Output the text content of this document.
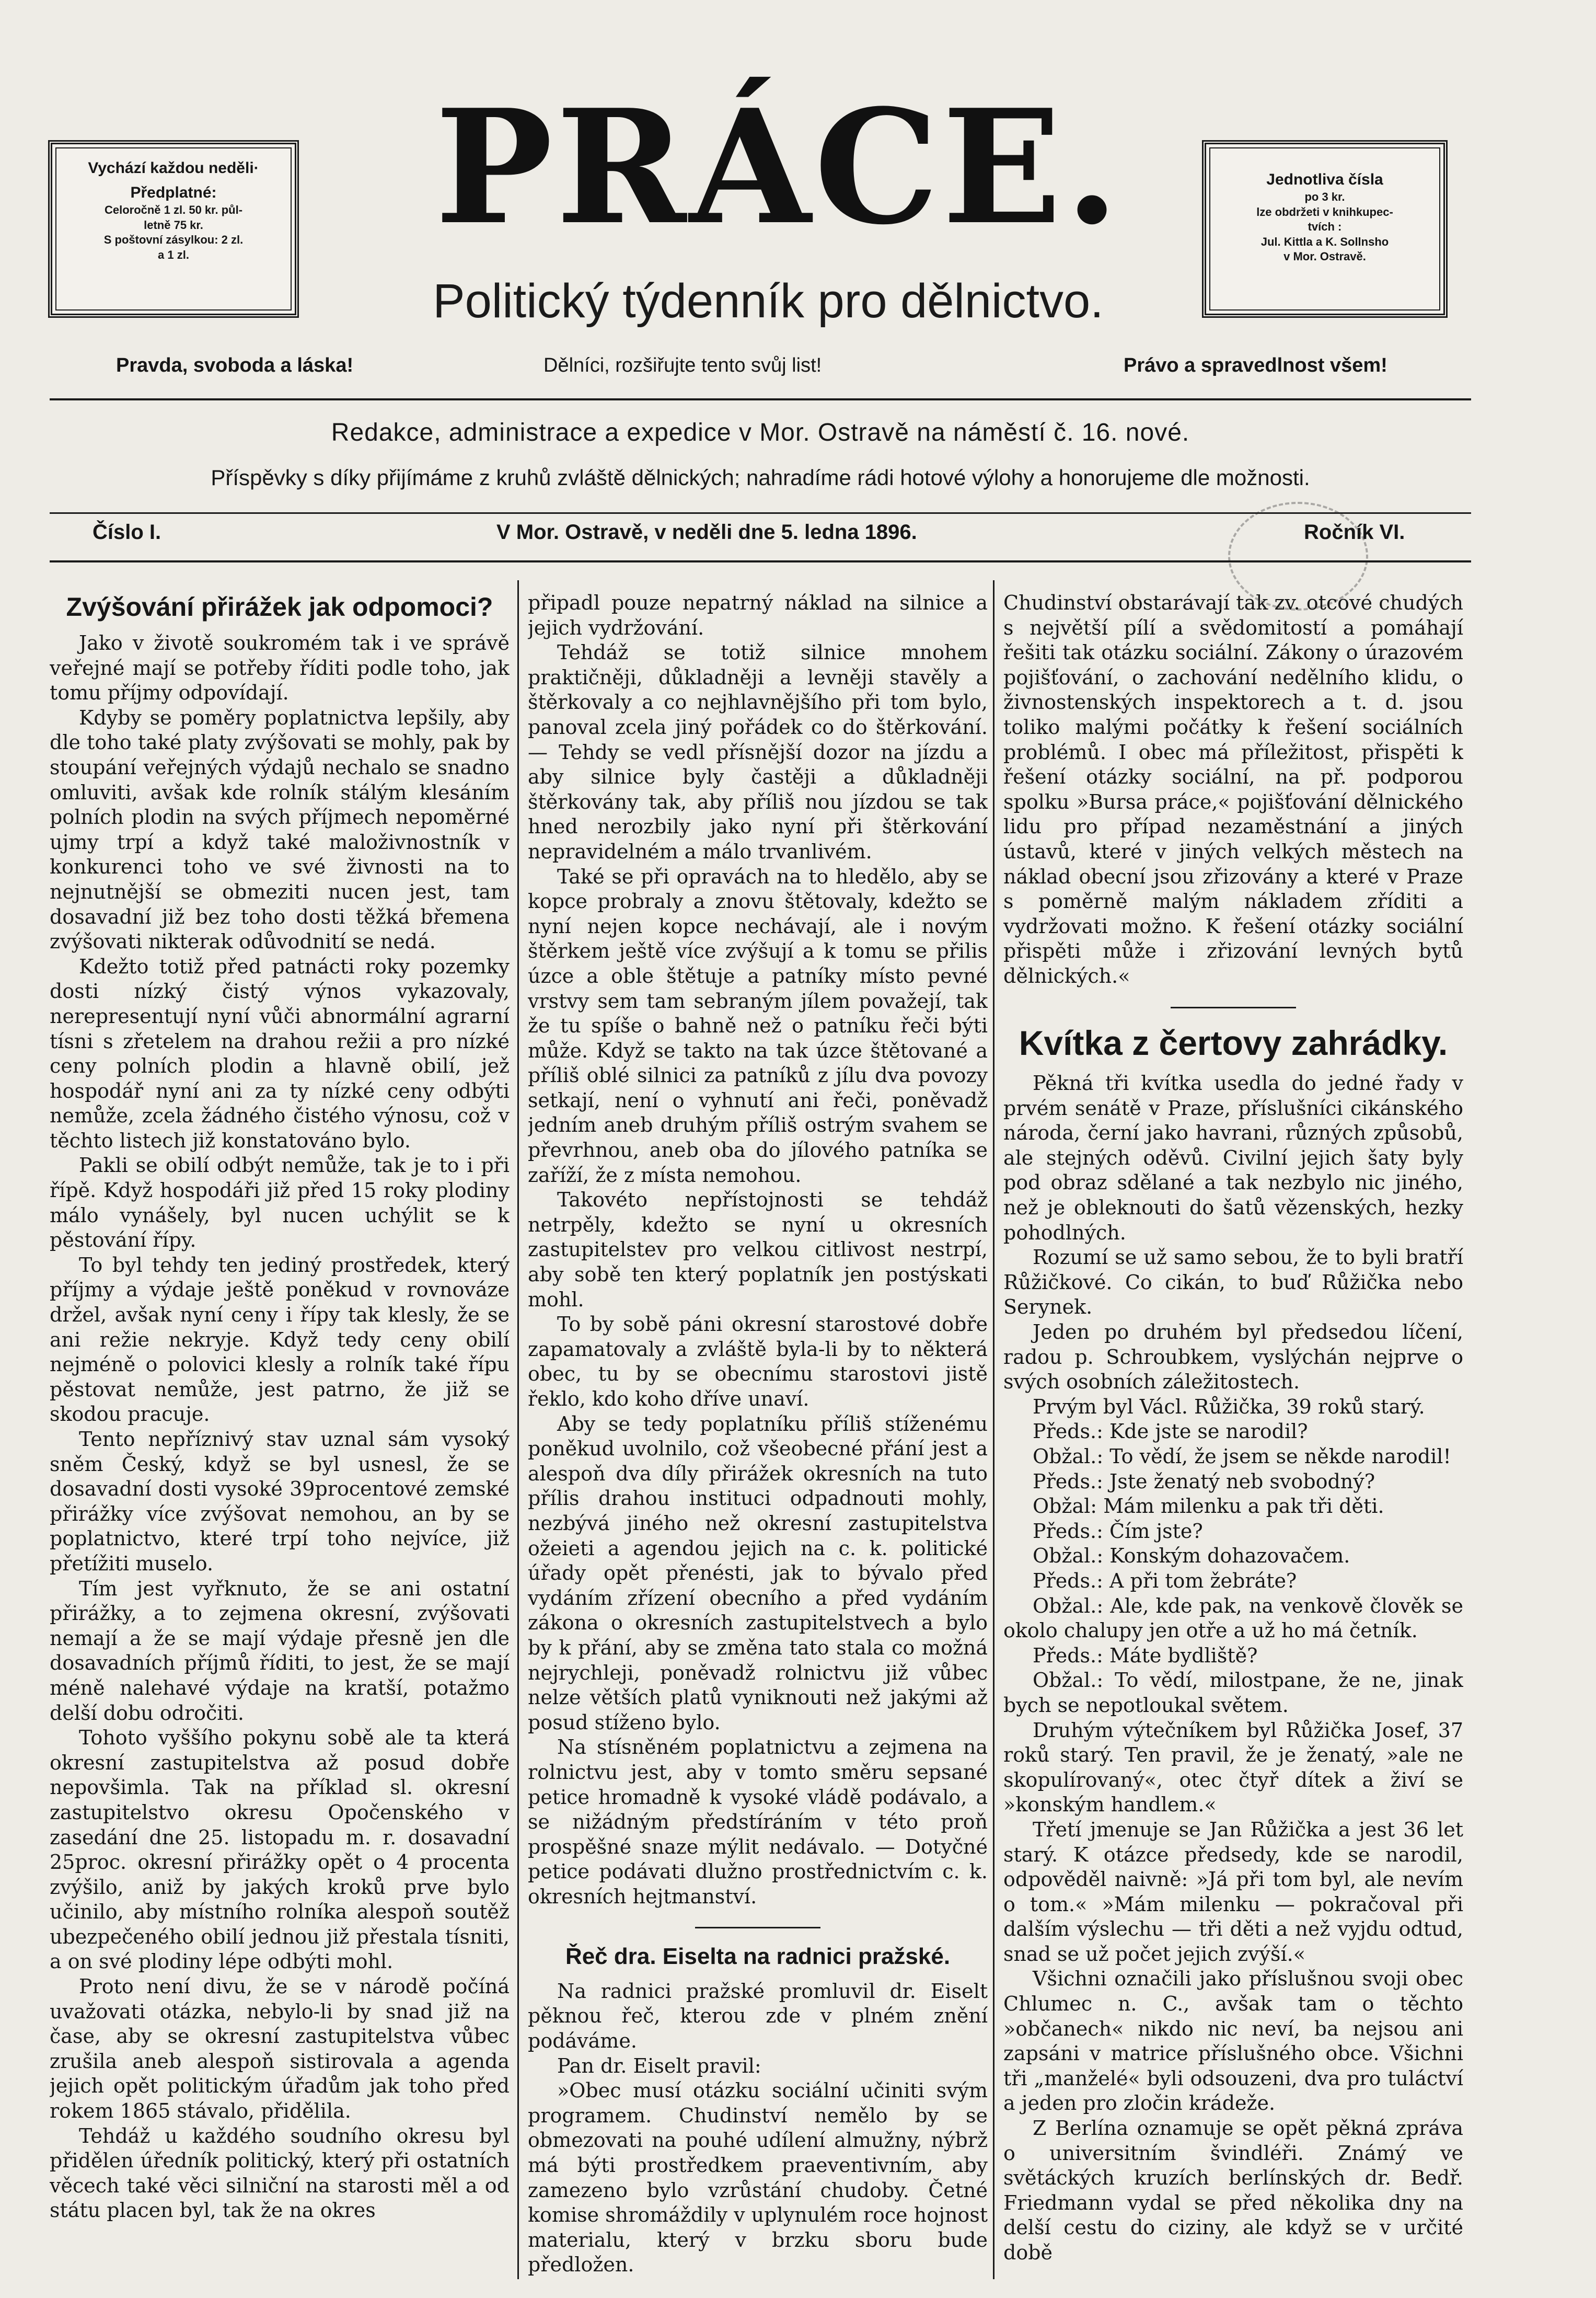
Vychází každou neděli·
Předplatné:
Celoročně 1 zl. 50 kr. půl-
letně 75 kr.
S poštovní zásylkou: 2 zl.
a 1 zl.	PRÁCE.
Politický týdenník pro dělnictvo.
Jednotliva čísla
po 3 kr.
lze obdržeti v knihkupec-
tvích :
Jul. Kittla a K. Sollnsho
v Mor. Ostravě.
Pravda, svoboda a láska!	Dělníci, rozšiřujte tento svůj list!	Právo a spravedlnost všem!
Redakce, administrace a expedice v Mor. Ostravě na náměstí č. 16. nové.
Příspěvky s díky přijímáme z kruhů zvláště dělnických; nahradíme rádi hotové výlohy a honorujeme dle možnosti.
Číslo I.	V Mor. Ostravě, v neděli dne 5. ledna 1896.	Ročník VI.
Zvýšování přirážek jak odpomoci?

Jako v životě soukromém tak i ve správě veřejné mají se potřeby říditi podle toho, jak tomu příjmy odpovídají.

Kdyby se poměry poplatnictva lepšily, aby dle toho také platy zvýšovati se mohly, pak by stoupání veřejných výdajů nechalo se snadno omluviti, avšak kde rolník stálým klesáním polních plodin na svých příjmech nepoměrné ujmy trpí a když také maloživnostník v konkurenci toho ve své živnosti na to nejnutnější se obmeziti nucen jest, tam dosavadní již bez toho dosti těžká břemena zvýšovati nikterak odůvodnití se nedá.

Kdežto totiž před patnácti roky pozemky dosti nízký čistý výnos vykazovaly, nerepresentují nyní vůči abnormální agrarní tísni s zřetelem na drahou režii a pro nízké ceny polních plodin a hlavně obilí, jež hospodář nyní ani za ty nízké ceny odbýti nemůže, zcela žádného čistého výnosu, což v těchto listech již konstatováno bylo.

Pakli se obilí odbýt nemůže, tak je to i při řípě. Když hospodáři již před 15 roky plodiny málo vynášely, byl nucen uchýlit se k pěstování řípy.

To byl tehdy ten jediný prostředek, který příjmy a výdaje ještě poněkud v rovnováze držel, avšak nyní ceny i řípy tak klesly, že se ani režie nekryje. Když tedy ceny obilí nejméně o polovici klesly a rolník také řípu pěstovat nemůže, jest patrno, že již se skodou pracuje.

Tento nepříznivý stav uznal sám vysoký sněm Český, když se byl usnesl, že se dosavadní dosti vysoké 39procentové zemské přirážky více zvýšovat nemohou, an by se poplatnictvo, které trpí toho nejvíce, již přetížiti muselo.

Tím jest vyřknuto, že se ani ostatní přirážky, a to zejmena okresní, zvýšovati nemají a že se mají výdaje přesně jen dle dosavadních příjmů říditi, to jest, že se mají méně nalehavé výdaje na kratší, potažmo delší dobu odročiti.

Tohoto vyššího pokynu sobě ale ta která okresní zastupitelstva až posud dobře nepovšimla. Tak na příklad sl. okresní zastupitelstvo okresu Opočenského v zasedání dne 25. listopadu m. r. dosavadní 25proc. okresní přirážky opět o 4 procenta zvýšilo, aniž by jakých kroků prve bylo učinilo, aby místního rolníka alespoň soutěž ubezpečeného obilí jednou již přestala tísniti, a on své plodiny lépe odbýti mohl.

Proto není divu, že se v národě počíná uvažovati otázka, nebylo-li by snad již na čase, aby se okresní zastupitelstva vůbec zrušila aneb alespoň sistirovala a agenda jejich opět politickým úřadům jak toho před rokem 1865 stávalo, přidělila.

Tehdáž u každého soudního okresu byl přidělen úředník politický, který při ostatních věcech také věci silniční na starosti měl a od státu placen byl, tak že na okres

připadl pouze nepatrný náklad na silnice a jejich vydržování.

Tehdáž se totiž silnice mnohem praktičněji, důkladněji a levněji stavěly a štěrkovaly a co nejhlavnějšího při tom bylo, panoval zcela jiný pořádek co do štěrkování. — Tehdy se vedl přísnější dozor na jízdu a aby silnice byly častěji a důkladněji štěrkovány tak, aby příliš nou jízdou se tak hned nerozbily jako nyní při štěrkování nepravidelném a málo trvanlivém.

Také se při opravách na to hledělo, aby se kopce probraly a znovu štětovaly, kdežto se nyní nejen kopce nechávají, ale i novým štěrkem ještě více zvýšují a k tomu se přilis úzce a oble štětuje a patníky místo pevné vrstvy sem tam sebraným jílem považejí, tak že tu spíše o bahně než o patníku řeči býti může. Když se takto na tak úzce štětované a příliš oblé silnici za patníků z jílu dva povozy setkají, není o vyhnutí ani řeči, poněvadž jedním aneb druhým příliš ostrým svahem se převrhnou, aneb oba do jílového patníka se zaříží, že z místa nemohou.

Takovéto nepřístojnosti se tehdáž netrpěly, kdežto se nyní u okresních zastupitelstev pro velkou citlivost nestrpí, aby sobě ten který poplatník jen postýskati mohl.

To by sobě páni okresní starostové dobře zapamatovaly a zvláště byla-li by to některá obec, tu by se obecnímu starostovi jistě řeklo, kdo koho dříve unaví.

Aby se tedy poplatníku příliš stíženému poněkud uvolnilo, což všeobecné přání jest a alespoň dva díly přirážek okresních na tuto přílis drahou instituci odpadnouti mohly, nezbývá jiného než okresní zastupitelstva ožeieti a agendou jejich na c. k. politické úřady opět přenésti, jak to bývalo před vydáním zřízení obecního a před vydáním zákona o okresních zastupitelstvech a bylo by k přání, aby se změna tato stala co možná nejrychleji, poněvadž rolnictvu již vůbec nelze větších platů vyniknouti než jakými až posud stíženo bylo.

Na stísněném poplatnictvu a zejmena na rolnictvu jest, aby v tomto směru sepsané petice hromadně k vysoké vládě podávalo, a se nižádným předstíráním v této proň prospěšné snaze mýlit nedávalo. — Dotyčné petice podávati dlužno prostřednictvím c. k. okresních hejtmanství.

Řeč dra. Eiselta na radnici pražské.

Na radnici pražské promluvil dr. Eiselt pěknou řeč, kterou zde v plném znění podáváme.

Pan dr. Eiselt pravil:

»Obec musí otázku sociální učiniti svým programem. Chudinství nemělo by se obmezovati na pouhé udílení almužny, nýbrž má býti prostředkem praeventivním, aby zamezeno bylo vzrůstání chudoby. Četné komise shromáždily v uplynulém roce hojnost materialu, který v brzku sboru bude předložen.

Chudinství obstarávají tak zv. otcové chudých s největší pílí a svědomitostí a pomáhají řešiti tak otázku sociální. Zákony o úrazovém pojišťování, o zachování nedělního klidu, o živnostenských inspektorech a t. d. jsou toliko malými počátky k řešení sociálních problémů. I obec má příležitost, přispěti k řešení otázky sociální, na př. podporou spolku »Bursa práce,« pojišťování dělnického lidu pro případ nezaměstnání a jiných ústavů, které v jiných velkých městech na náklad obecní jsou zřizovány a které v Praze s poměrně malým nákladem zříditi a vydržovati možno. K řešení otázky sociální přispěti může i zřizování levných bytů dělnických.«

Kvítka z čertovy zahrádky.

Pěkná tři kvítka usedla do jedné řady v prvém senátě v Praze, příslušníci cikánského národa, černí jako havrani, různých způsobů, ale stejných oděvů. Civilní jejich šaty byly pod obraz sdělané a tak nezbylo nic jiného, než je obleknouti do šatů vězenských, hezky pohodlných.

Rozumí se už samo sebou, že to byli bratří Růžičkové. Co cikán, to buď Růžička nebo Serynek.

Jeden po druhém byl předsedou líčení, radou p. Schroubkem, vyslýchán nejprve o svých osobních záležitostech.

Prvým byl Václ. Růžička, 39 roků starý.

Předs.: Kde jste se narodil?

Obžal.: To vědí, že jsem se někde narodil!

Předs.: Jste ženatý neb svobodný?

Obžal: Mám milenku a pak tři děti.

Předs.: Čím jste?

Obžal.: Konským dohazovačem.

Předs.: A při tom žebráte?

Obžal.: Ale, kde pak, na venkově člověk se okolo chalupy jen otře a už ho má četník.

Předs.: Máte bydliště?

Obžal.: To vědí, milostpane, že ne, jinak bych se nepotloukal světem.

Druhým výtečníkem byl Růžička Josef, 37 roků starý. Ten pravil, že je ženatý, »ale ne skopulírovaný«, otec čtyř dítek a živí se »konským handlem.«

Třetí jmenuje se Jan Růžička a jest 36 let starý. K otázce předsedy, kde se narodil, odpověděl naivně: »Já při tom byl, ale nevím o tom.« »Mám milenku — pokračoval při dalším výslechu — tři děti a než vyjdu odtud, snad se už počet jejich zvýší.«

Všichni označili jako příslušnou svoji obec Chlumec n. C., avšak tam o těchto »občanech« nikdo nic neví, ba nejsou ani zapsáni v matrice příslušného obce. Všichni tři „manželé« byli odsouzeni, dva pro tuláctví a jeden pro zločin krádeže.

Z Berlína oznamuje se opět pěkná zpráva o universitním švindléři. Známý ve světáckých kruzích berlínských dr. Bedř. Friedmann vydal se před několika dny na delší cestu do ciziny, ale když se v určité době
